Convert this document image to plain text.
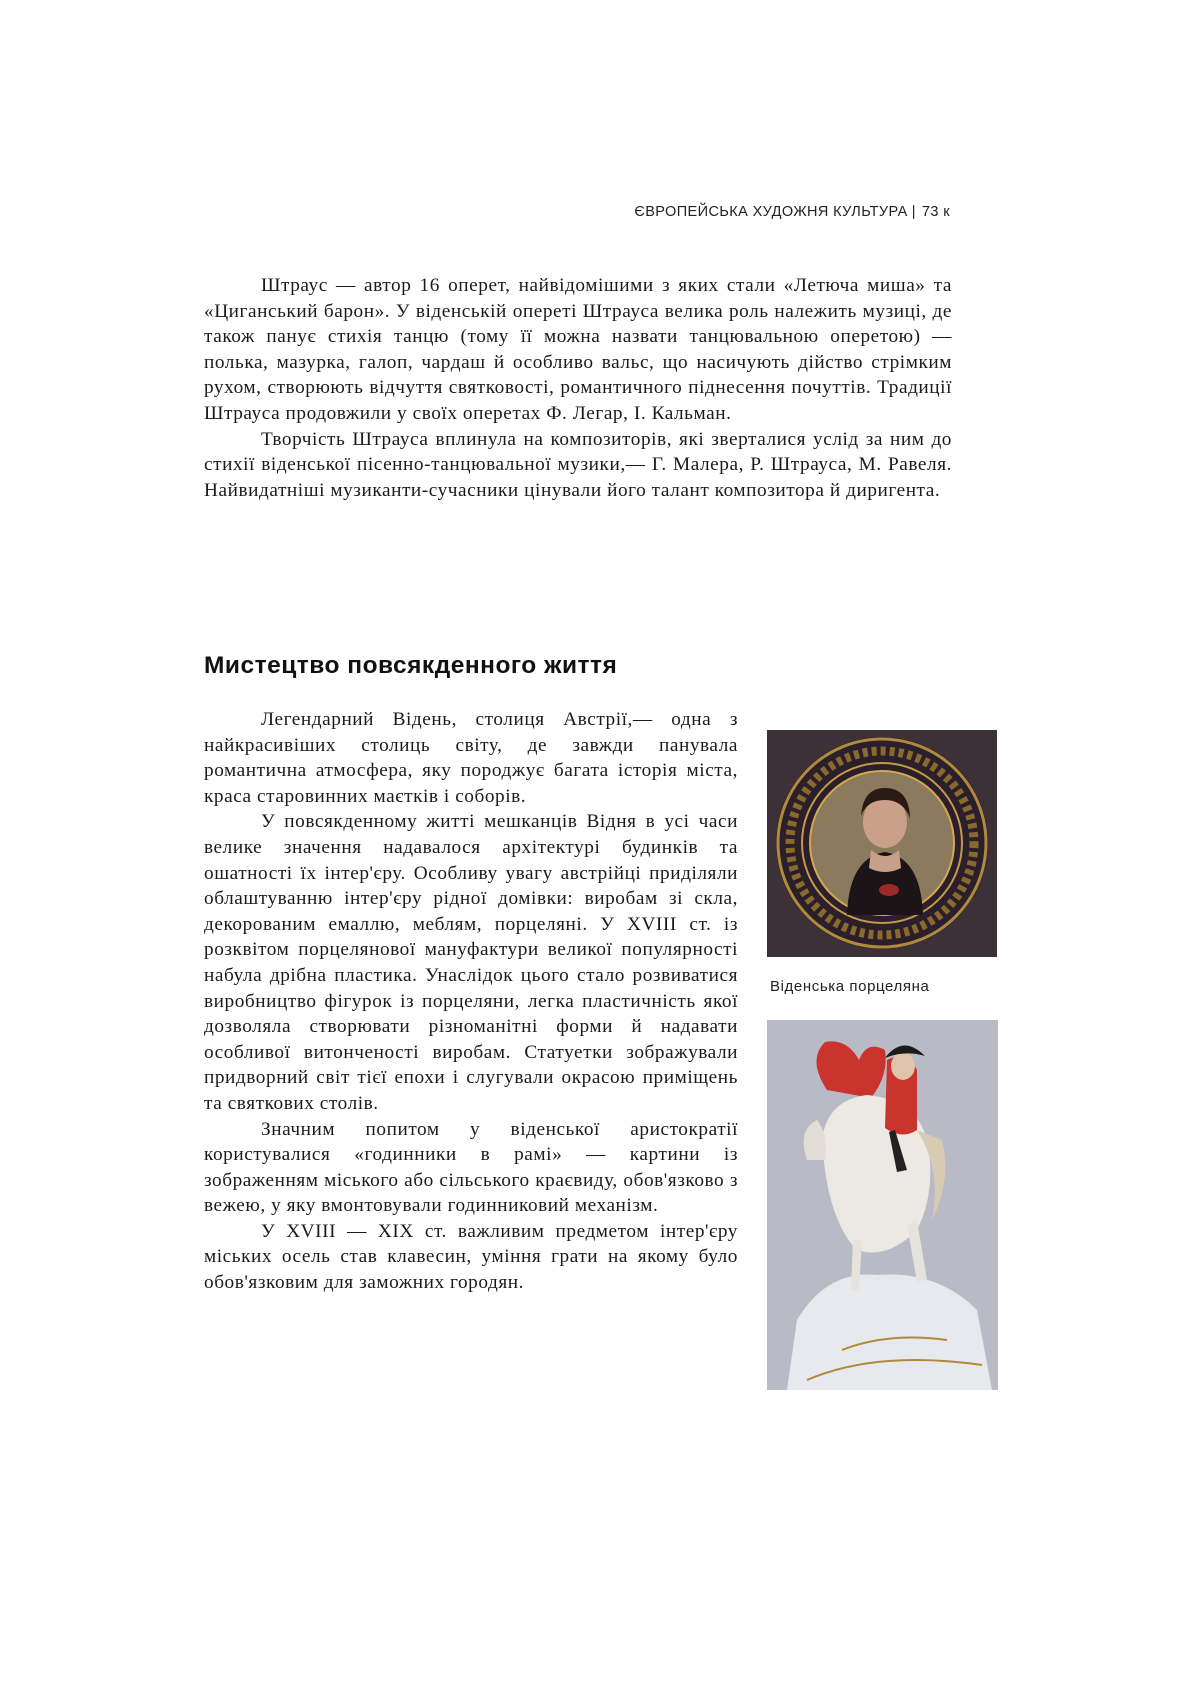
ЄВРОПЕЙСЬКА ХУДОЖНЯ КУЛЬТУРА | 73 к

Штраус — автор 16 оперет, найвідомішими з яких стали «Летюча миша» та «Циганський барон». У віденській опереті Штрауса велика роль належить музиці, де також панує стихія танцю (тому її можна назвати танцювальною оперетою) — полька, мазурка, галоп, чардаш й особливо вальс, що насичують дійство стрімким рухом, створюють відчуття святковості, романтичного піднесення почуттів. Традиції Штрауса продовжили у своїх оперетах Ф. Легар, І. Кальман.

Творчість Штрауса вплинула на композиторів, які зверталися услід за ним до стихії віденської пісенно-танцювальної музики,— Г. Малера, Р. Штрауса, М. Равеля. Найвидатніші музиканти-сучасники цінували його талант композитора й диригента.

Мистецтво повсякденного життя

Легендарний Відень, столиця Австрії,— одна з найкрасивіших столиць світу, де завжди панувала романтична атмосфера, яку породжує багата історія міста, краса старовинних маєтків і соборів.

У повсякденному житті мешканців Відня в усі часи велике значення надавалося архітектурі будинків та ошатності їх інтер'єру. Особливу увагу австрійці приділяли облаштуванню інтер'єру рідної домівки: виробам зі скла, декорованим емаллю, меблям, порцеляні. У XVIII ст. із розквітом порцелянової мануфактури великої популярності набула дрібна пластика. Унаслідок цього стало розвиватися виробництво фігурок із порцеляни, легка пластичність якої дозволяла створювати різноманітні форми й надавати особливої витонченості виробам. Статуетки зображували придворний світ тієї епохи і слугували окрасою приміщень та святкових столів.

Значним попитом у віденської аристократії користувалися «годинники в рамі» — картини із зображенням міського або сільського краєвиду, обов'язково з вежею, у яку вмонтовували годинниковий механізм.

У XVIII — XIX ст. важливим предметом інтер'єру міських осель став клавесин, уміння грати на якому було обов'язковим для заможних городян.

Віденська порцеляна
